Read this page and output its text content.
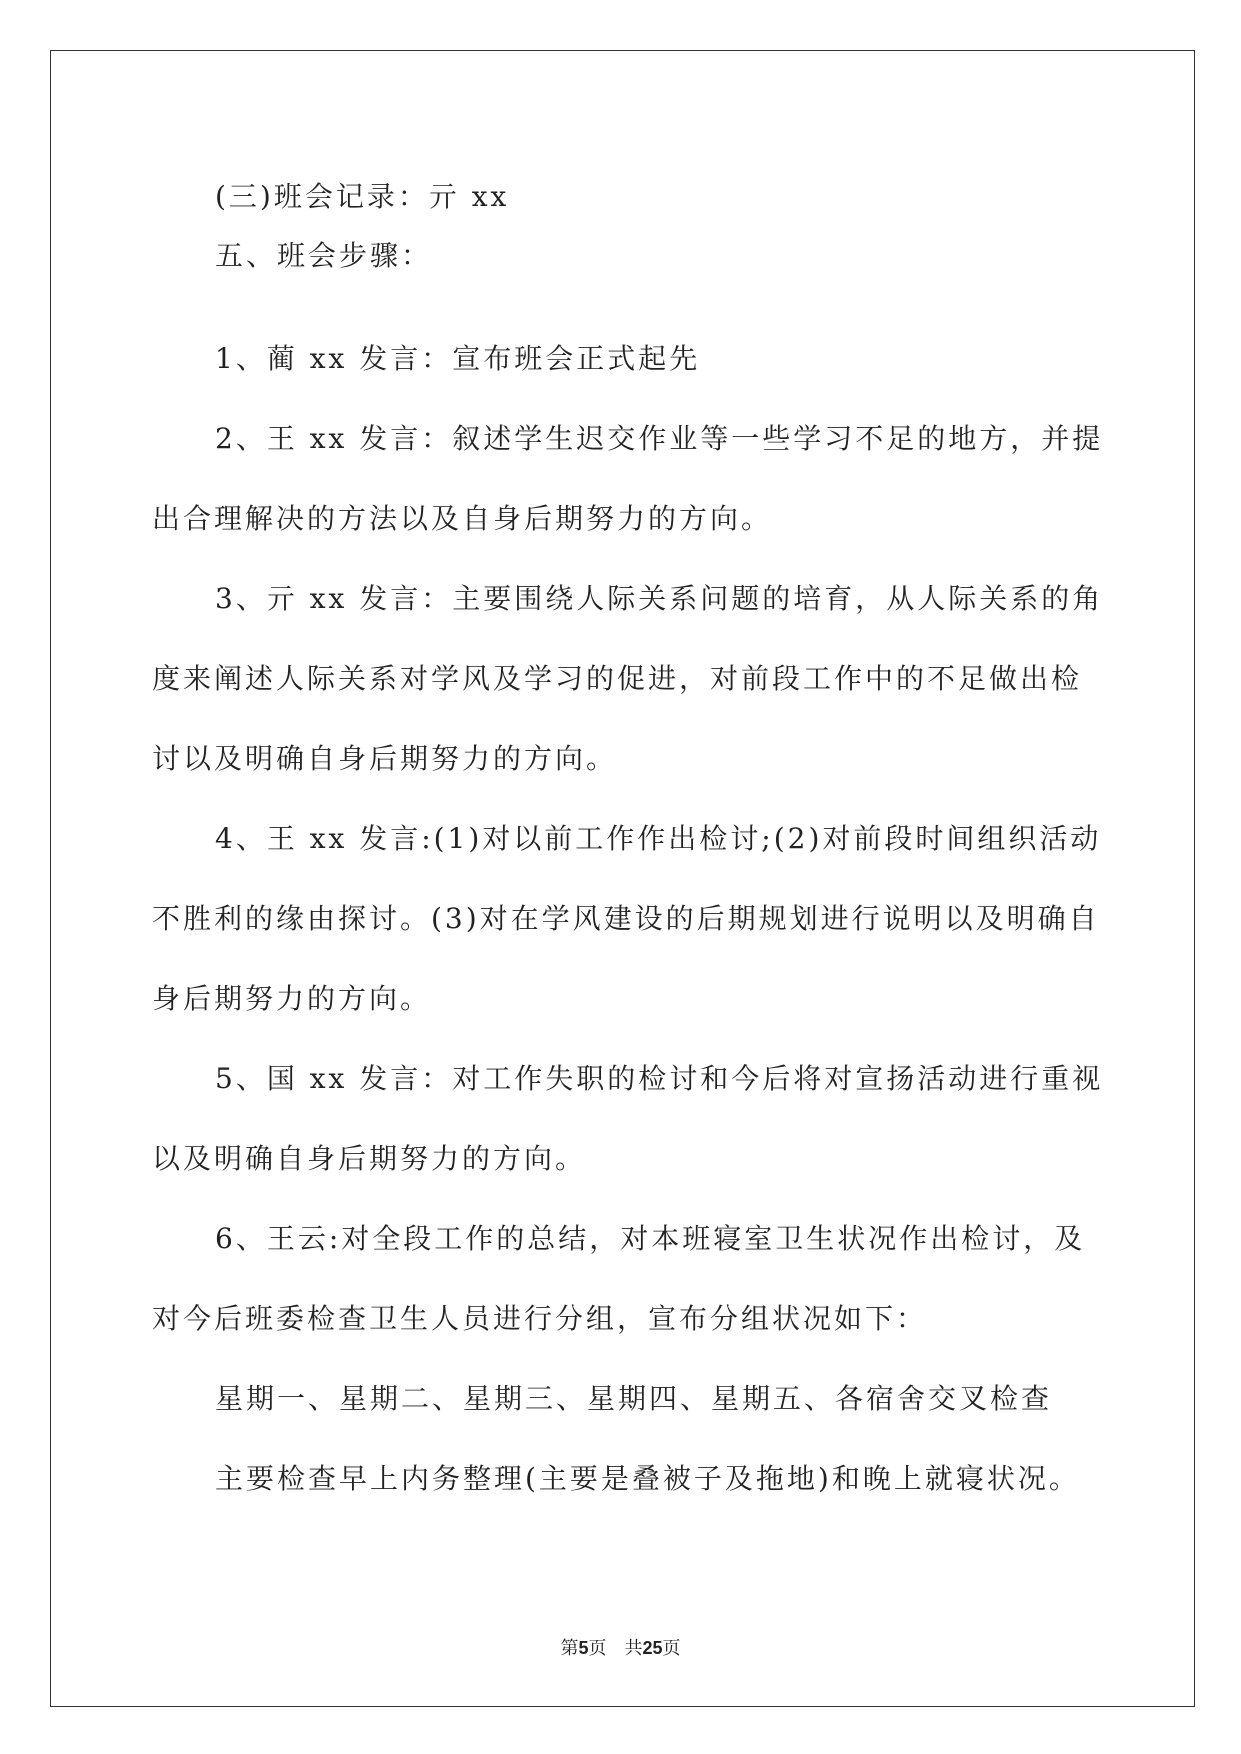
(三)班会记录：亓 xx
五、班会步骤：
1、蔺 xx 发言：宣布班会正式起先
2、王 xx 发言：叙述学生迟交作业等一些学习不足的地方，并提
出合理解决的方法以及自身后期努力的方向。
3、亓 xx 发言：主要围绕人际关系问题的培育，从人际关系的角
度来阐述人际关系对学风及学习的促进，对前段工作中的不足做出检
讨以及明确自身后期努力的方向。
4、王 xx 发言:(1)对以前工作作出检讨;(2)对前段时间组织活动
不胜利的缘由探讨。(3)对在学风建设的后期规划进行说明以及明确自
身后期努力的方向。
5、国 xx 发言：对工作失职的检讨和今后将对宣扬活动进行重视
以及明确自身后期努力的方向。
6、王云:对全段工作的总结，对本班寝室卫生状况作出检讨，及
对今后班委检查卫生人员进行分组，宣布分组状况如下：
星期一、星期二、星期三、星期四、星期五、各宿舍交叉检查
主要检查早上内务整理(主要是叠被子及拖地)和晚上就寝状况。
第5页　共25页
